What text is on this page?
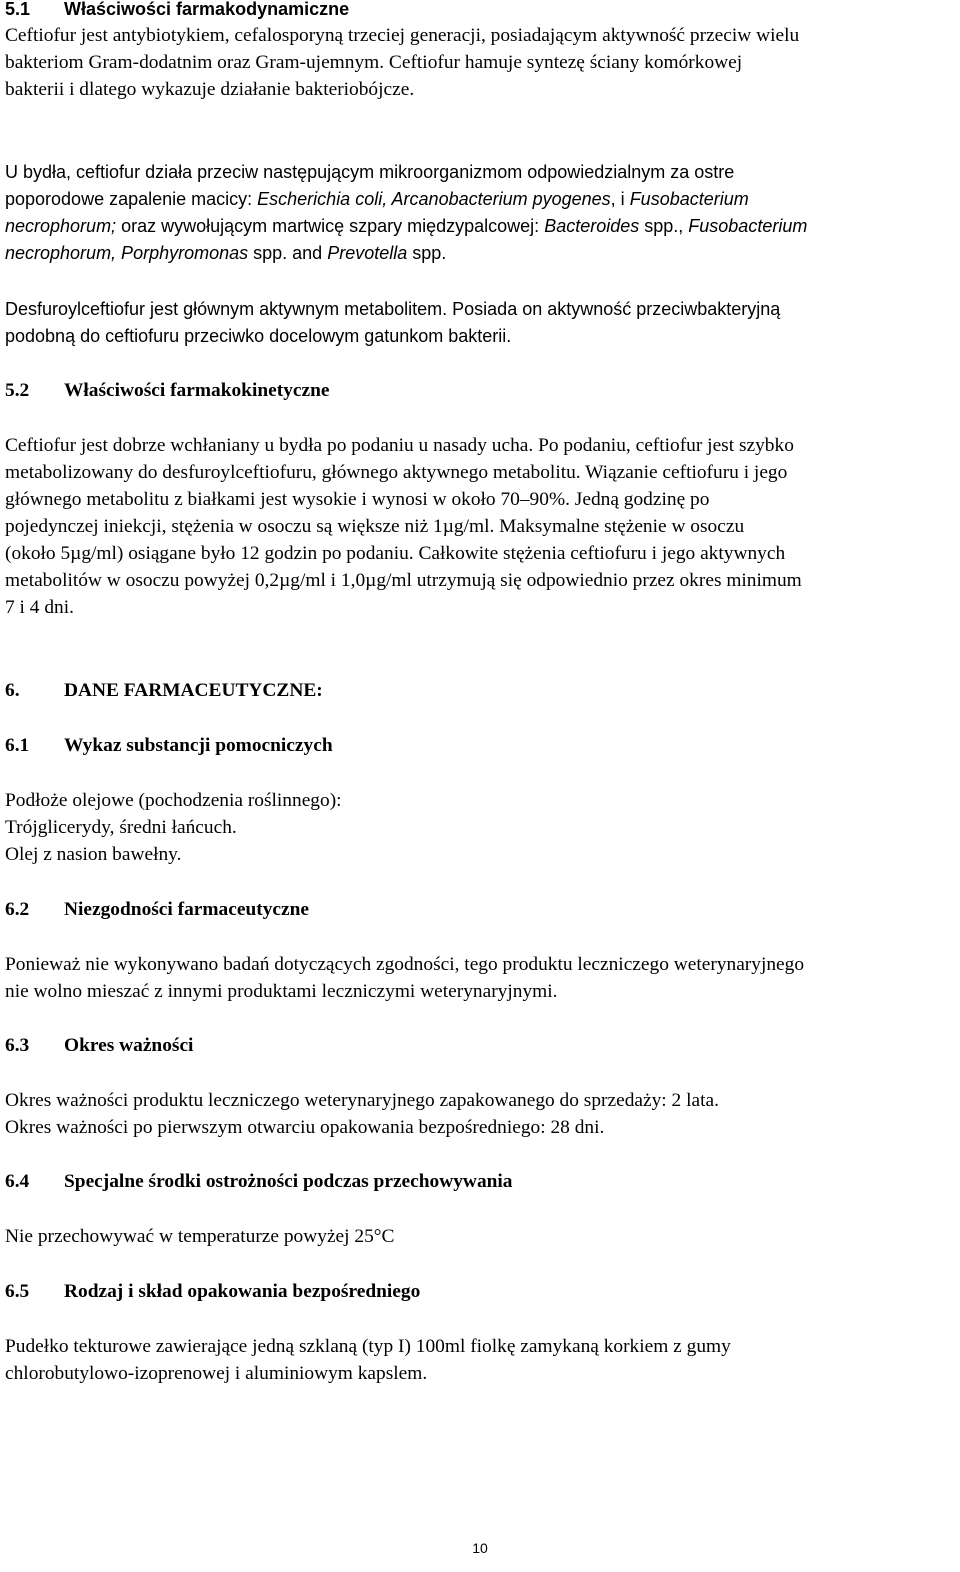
5.1 Właściwości farmakodynamiczne
Ceftiofur jest antybiotykiem, cefalosporyną trzeciej generacji, posiadającym aktywność przeciw wielu
bakteriom Gram-dodatnim oraz Gram-ujemnym. Ceftiofur hamuje syntezę ściany komórkowej
bakterii i dlatego wykazuje działanie bakteriobójcze.
U bydła, ceftiofur działa przeciw następującym mikroorganizmom odpowiedzialnym za ostre
poporodowe zapalenie macicy: Escherichia coli, Arcanobacterium pyogenes, i Fusobacterium
necrophorum; oraz wywołującym martwicę szpary międzypalcowej: Bacteroides spp., Fusobacterium
necrophorum, Porphyromonas spp. and Prevotella spp.
Desfuroylceftiofur jest głównym aktywnym metabolitem. Posiada on aktywność przeciwbakteryjną
podobną do ceftiofuru przeciwko docelowym gatunkom bakterii.
5.2 Właściwości farmakokinetyczne
Ceftiofur jest dobrze wchłaniany u bydła po podaniu u nasady ucha. Po podaniu, ceftiofur jest szybko
metabolizowany do desfuroylceftiofuru, głównego aktywnego metabolitu. Wiązanie ceftiofuru i jego
głównego metabolitu z białkami jest wysokie i wynosi w około 70–90%. Jedną godzinę po
pojedynczej iniekcji, stężenia w osoczu są większe niż 1µg/ml. Maksymalne stężenie w osoczu
(około 5µg/ml) osiągane było 12 godzin po podaniu. Całkowite stężenia ceftiofuru i jego aktywnych
metabolitów w osoczu powyżej 0,2µg/ml i 1,0µg/ml utrzymują się odpowiednio przez okres minimum
7 i 4 dni.
6. DANE FARMACEUTYCZNE:
6.1 Wykaz substancji pomocniczych
Podłoże olejowe (pochodzenia roślinnego):
Trójglicerydy, średni łańcuch.
Olej z nasion bawełny.
6.2 Niezgodności farmaceutyczne
Ponieważ nie wykonywano badań dotyczących zgodności, tego produktu leczniczego weterynaryjnego
nie wolno mieszać z innymi produktami leczniczymi weterynaryjnymi.
6.3 Okres ważności
Okres ważności produktu leczniczego weterynaryjnego zapakowanego do sprzedaży: 2 lata.
Okres ważności po pierwszym otwarciu opakowania bezpośredniego: 28 dni.
6.4 Specjalne środki ostrożności podczas przechowywania
Nie przechowywać w temperaturze powyżej 25°C
6.5 Rodzaj i skład opakowania bezpośredniego
Pudełko tekturowe zawierające jedną szklaną (typ I) 100ml fiolkę zamykaną korkiem z gumy
chlorobutylowo-izoprenowej i aluminiowym kapslem.
10
